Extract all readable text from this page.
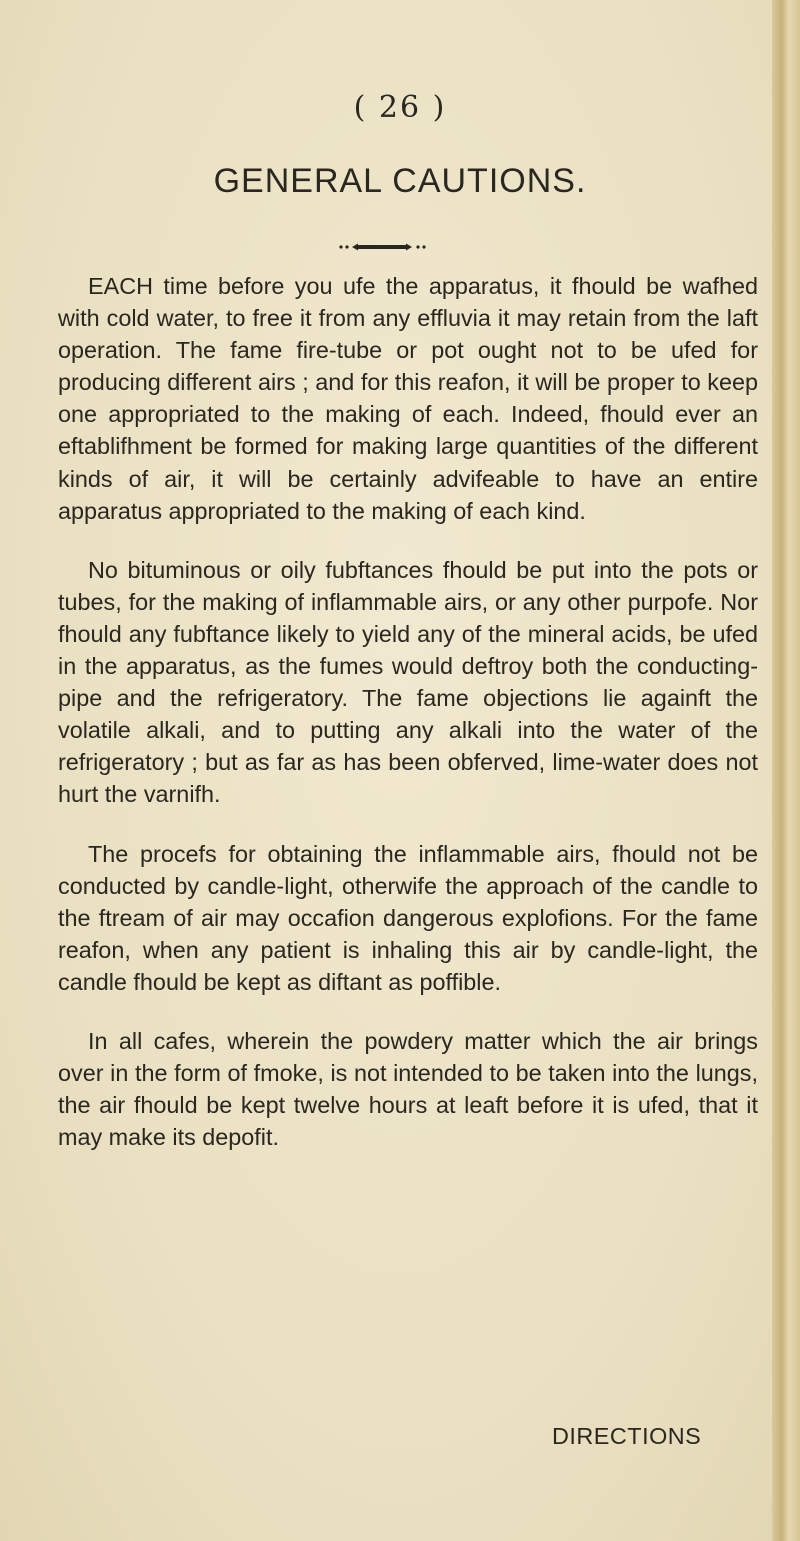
( 26 )
GENERAL CAUTIONS.

EACH time before you ufe the apparatus, it fhould be wafhed with cold water, to free it from any effluvia it may retain from the laft operation. The fame fire-tube or pot ought not to be ufed for producing different airs ; and for this reafon, it will be proper to keep one appropriated to the making of each. Indeed, fhould ever an eftablifhment be formed for making large quantities of the different kinds of air, it will be certainly advifeable to have an entire apparatus appropriated to the making of each kind.

No bituminous or oily fubftances fhould be put into the pots or tubes, for the making of inflammable airs, or any other purpofe. Nor fhould any fubftance likely to yield any of the mineral acids, be ufed in the apparatus, as the fumes would deftroy both the conducting-pipe and the refrigeratory. The fame objections lie againft the volatile alkali, and to putting any alkali into the water of the refrigeratory ; but as far as has been obferved, lime-water does not hurt the varnifh.

The procefs for obtaining the inflammable airs, fhould not be conducted by candle-light, otherwife the approach of the candle to the ftream of air may occafion dangerous explofions. For the fame reafon, when any patient is inhaling this air by candle-light, the candle fhould be kept as diftant as poffible.

In all cafes, wherein the powdery matter which the air brings over in the form of fmoke, is not intended to be taken into the lungs, the air fhould be kept twelve hours at leaft before it is ufed, that it may make its depofit.

DIRECTIONS
